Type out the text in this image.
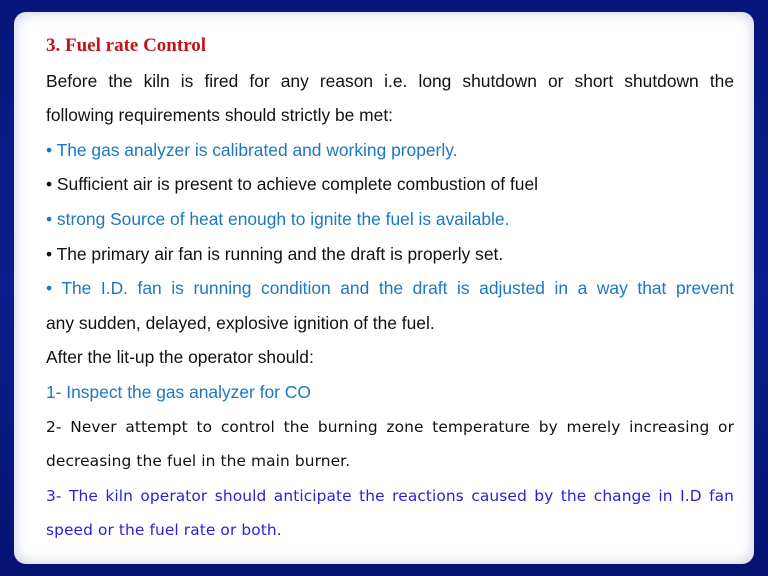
3. Fuel rate Control
Before the kiln is fired for any reason i.e. long shutdown or short shutdown the
following requirements should strictly be met:
• The gas analyzer is calibrated and working properly.
• Sufficient air is present to achieve complete combustion of fuel
• strong Source of heat enough to ignite the fuel is available.
• The primary air fan is running and the draft is properly set.
• The I.D. fan is running condition and the draft is adjusted in a way that prevent
any sudden, delayed, explosive ignition of the fuel.
After the lit-up the operator should:
1- Inspect the gas analyzer for CO
2- Never attempt to control the burning zone temperature by merely increasing or
decreasing the fuel in the main burner.
3- The kiln operator should anticipate the reactions caused by the change in I.D fan
speed or the fuel rate or both.
